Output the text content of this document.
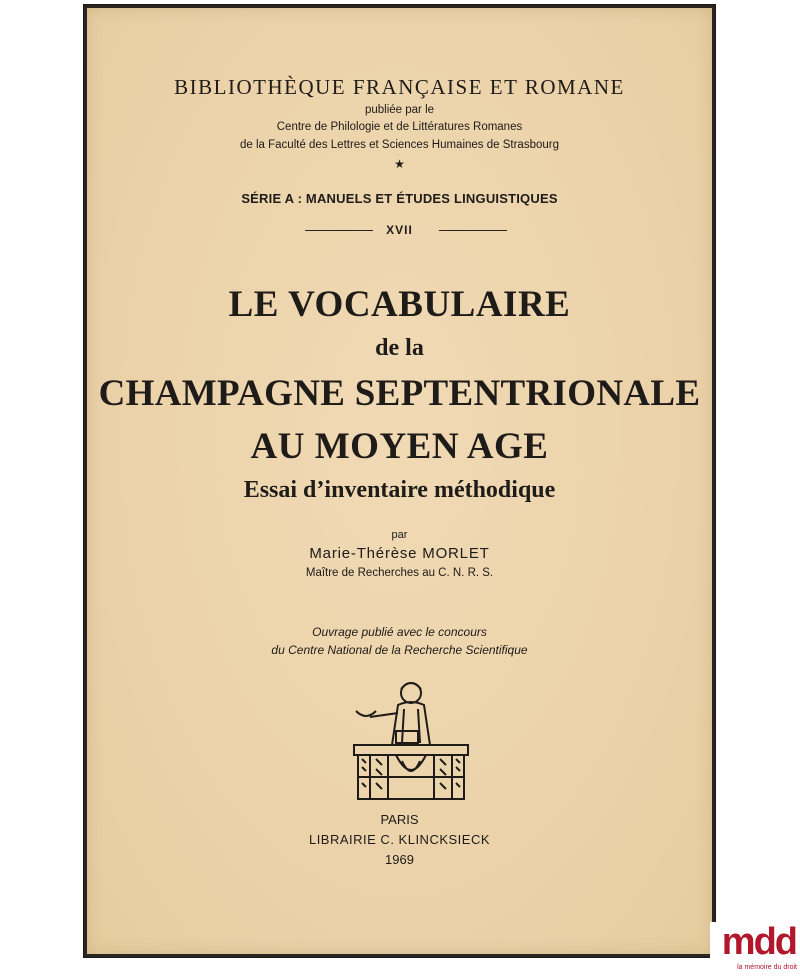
BIBLIOTHÈQUE FRANÇAISE ET ROMANE
publiée par le
Centre de Philologie et de Littératures Romanes
de la Faculté des Lettres et Sciences Humaines de Strasbourg
★
SÉRIE A : MANUELS ET ÉTUDES LINGUISTIQUES
XVII
LE VOCABULAIRE
de la
CHAMPAGNE SEPTENTRIONALE
AU MOYEN AGE
Essai d’inventaire méthodique
par
Marie-Thérèse MORLET
Maître de Recherches au C. N. R. S.
Ouvrage publié avec le concours
du Centre National de la Recherche Scientifique
PARIS
LIBRAIRIE C. KLINCKSIECK
1969
mdd
la mémoire du droit
